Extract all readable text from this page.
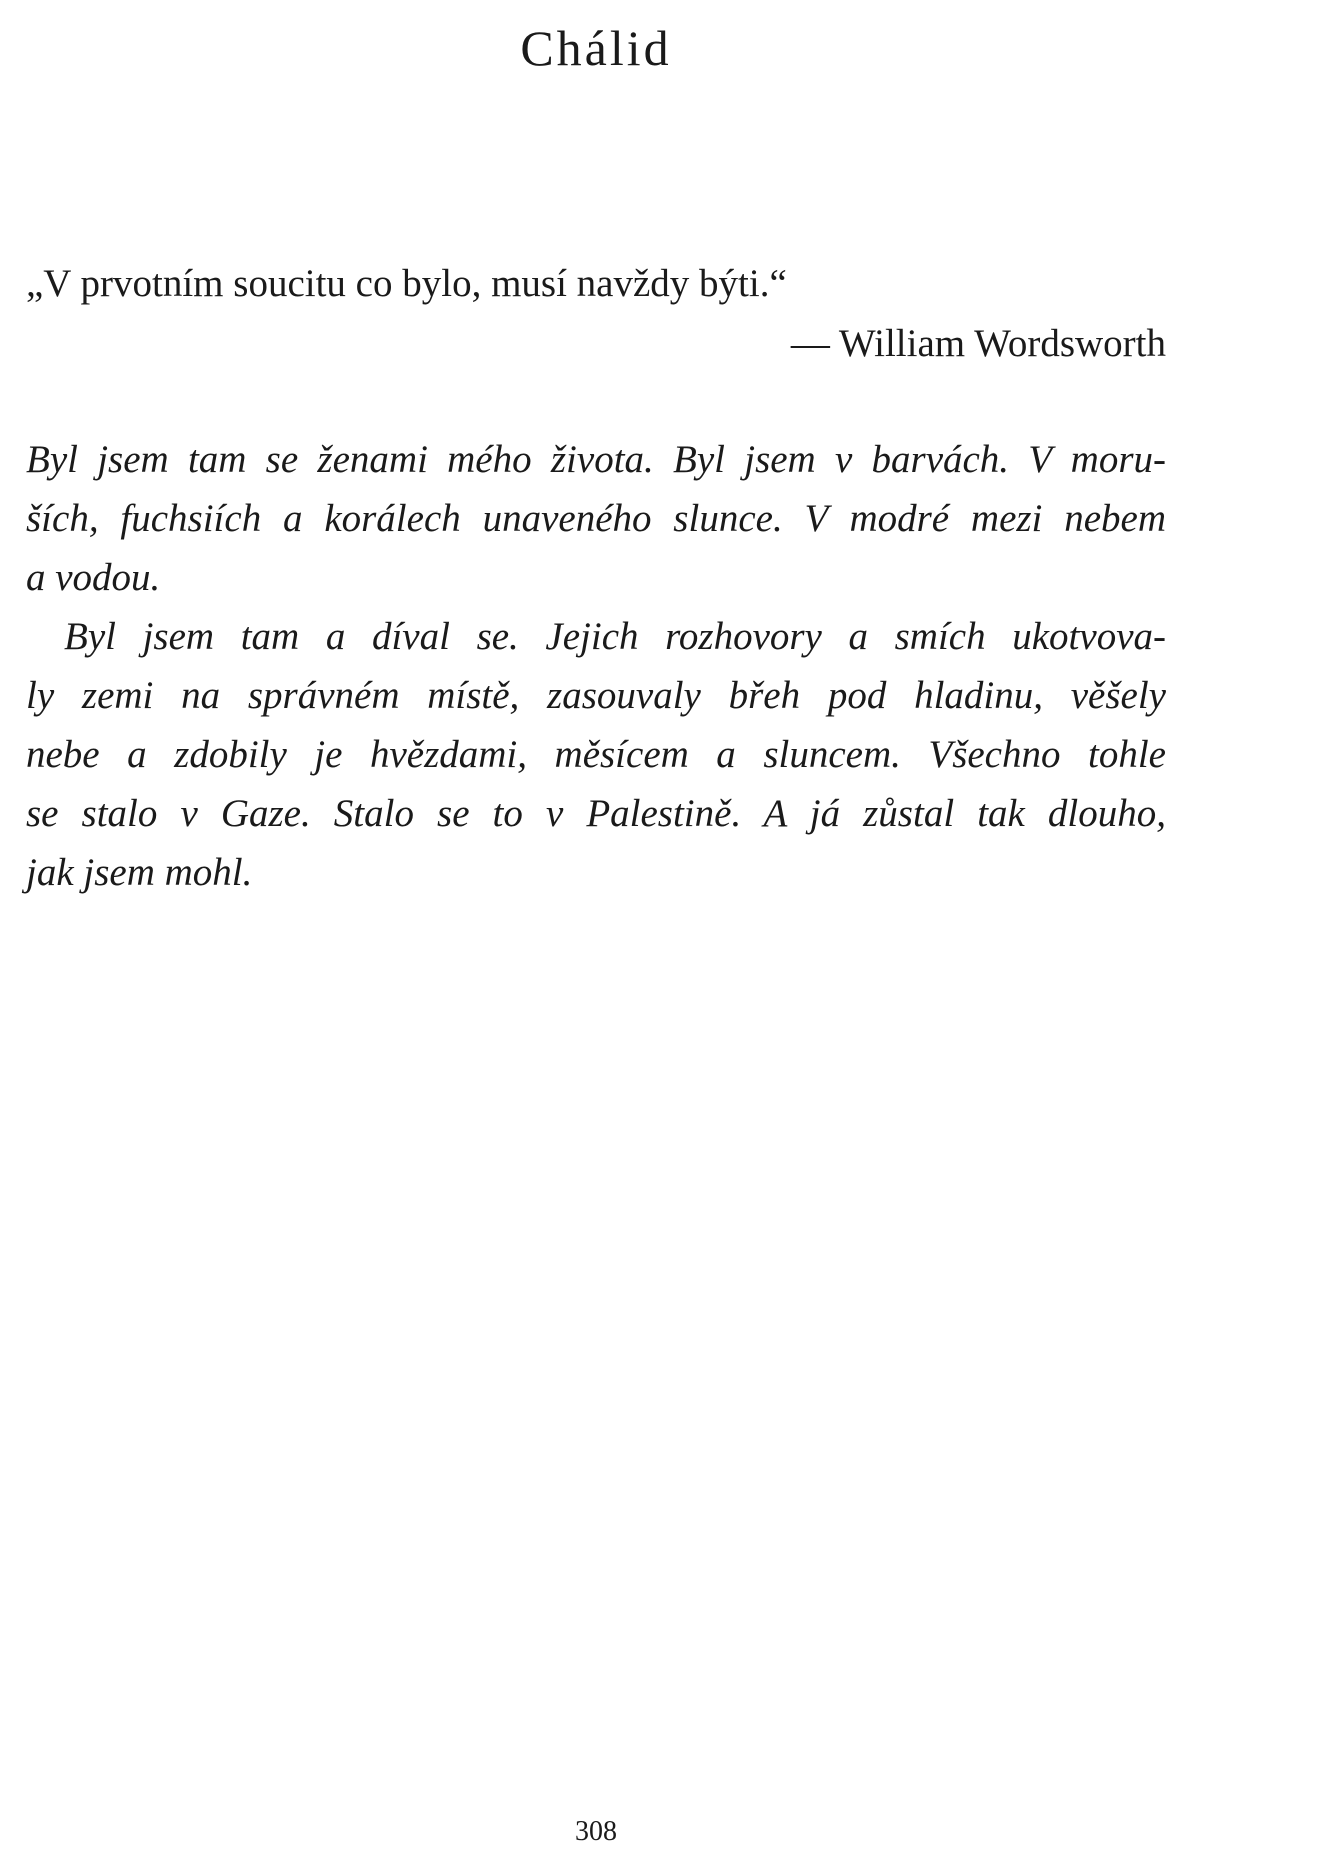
Chálid

„V prvotním soucitu co bylo, musí navždy býti.“

— William Wordsworth

Byl jsem tam se ženami mého života. Byl jsem v barvách. V moru-
ších, fuchsiích a korálech unaveného slunce. V modré mezi nebem
a vodou.
Byl jsem tam a díval se. Jejich rozhovory a smích ukotvova-
ly zemi na správném místě, zasouvaly břeh pod hladinu, věšely
nebe a zdobily je hvězdami, měsícem a sluncem. Všechno tohle
se stalo v Gaze. Stalo se to v Palestině. A já zůstal tak dlouho,
jak jsem mohl.
308
